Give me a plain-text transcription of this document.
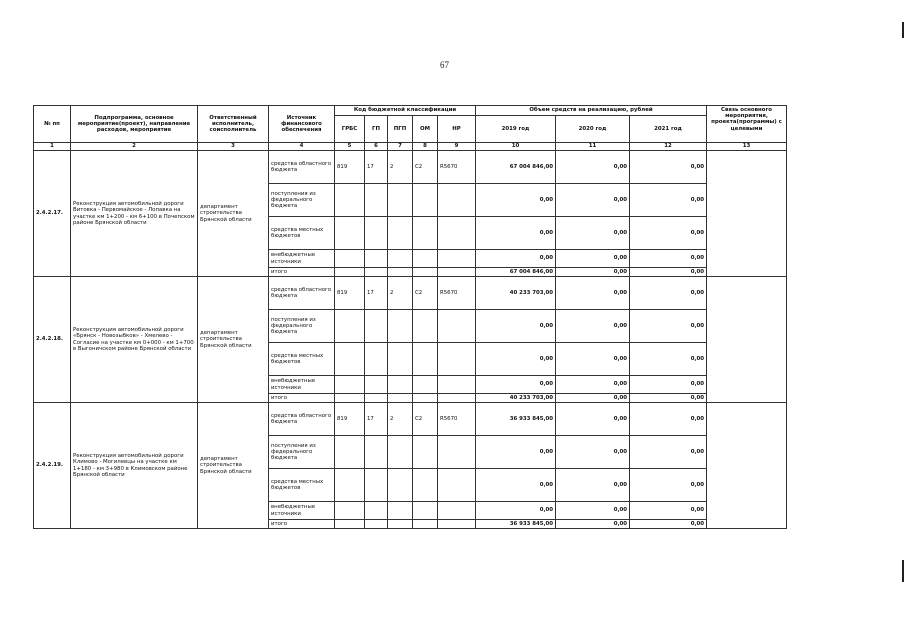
67
№ пп	Подпрограмма, основное мероприятие(проект), направление расходов, мероприятие	Ответственный исполнитель, соисполнитель	Источник финансового обеспечения	Код бюджетной классификации					Объем средств на реализацию, рублей			Связь основного мероприятия, проекта(программы) с целевыми

				ГРБС	ГП	ПГП	ОМ	НР	2019 год	2020 год	2021 год	
1	2	3	4	5	6	7	8	9	10	11	12	13
2.4.2.17.	Реконструкция автомобильной дороги Витовка - Первомайское - Лопавка на участке км 1+200 - км 6+100 в Почепском районе Брянской области	департамент строительства Брянской области	средства областного бюджета	819	17	2	С2	R5670	67 004 846,00	0,00	0,00	
			поступления из федерального бюджета						0,00	0,00	0,00	
			средства местных бюджетов						0,00	0,00	0,00	
			внебюджетные источники						0,00	0,00	0,00	
			итого						67 004 846,00	0,00	0,00	
2.4.2.18.	Реконструкция автомобильной дороги «Брянск - Новозыбков» - Хмелево - Согласие на участке км 0+000 - км 1+700 в Выгоничском районе Брянской области	департамент строительства Брянской области	средства областного бюджета	819	17	2	С2	R5670	40 233 703,00	0,00	0,00	
			поступления из федерального бюджета						0,00	0,00	0,00	
			средства местных бюджетов						0,00	0,00	0,00	
			внебюджетные источники						0,00	0,00	0,00	
			итого						40 233 703,00	0,00	0,00	
2.4.2.19.	Реконструкция автомобильной дороги Климово - Могилевцы на участке км 1+180 - км 3+980 в Климовском районе Брянской области	департамент строительства Брянской области	средства областного бюджета	819	17	2	С2	R5670	36 933 845,00	0,00	0,00	
			поступления из федерального бюджета						0,00	0,00	0,00	
			средства местных бюджетов						0,00	0,00	0,00	
			внебюджетные источники						0,00	0,00	0,00	
			итого						36 933 845,00	0,00	0,00	
